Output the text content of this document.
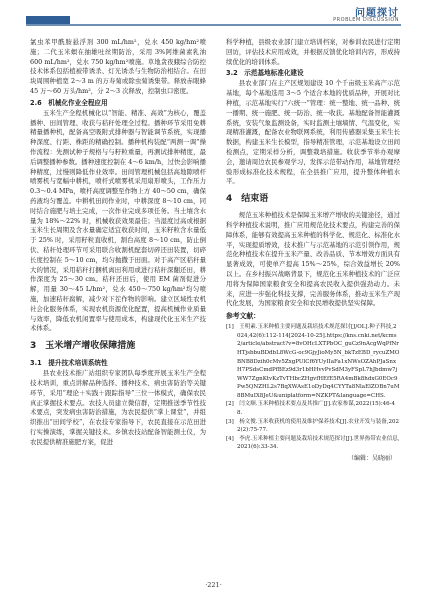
问题探讨
PROBLEM DISCUSSION

氯虫苯甲酰胺悬浮剂 300 mL/hm²，兑水 450 kg/hm²喷施；二代玉米螟在抽雄吐丝期防治，采用 3%阿维菌素乳油 600 mL/hm²，兑水 750 kg/hm²喷施。草地贪夜蛾综合防控技术体系包括植被带诱杀、灯光诱杀与生物防治相结合。在田块周围种植宽 2～3 m 的万寿菊或除虫菊诱集带。释放赤眼蜂 45 万～60 万头/hm²，分 2～3 次释放，控制虫口密度。

2.6　机械化作业全程应用

玉米生产全程机械化以“智能、精准、高效”为核心，覆盖播种、田间管理、收获与秸秆处理全过程。播种环节采用免耕精量播种机，配备高空吸附式排种器与智能调节系统，实现播种深度、行距、株距的精确控制。播种机构装配“两测一调”操作流程：先测试种子规格与与籽粒重量，再测试排种精度，最后调整播种参数。播种速度控制在 4～6 km/h，过快会影响播种精度，过慢则降低作业效率。田间管理机械包括高地隙喷杆喷雾机与宽幅中耕机，喷杆式喷雾机采用扇形喷头，工作压力 0.3～0.4 MPa，喷杆高度调整至作物上方 40～50 cm，确保药液均匀覆盖。中耕机田间作业时，中耕深度 8～10 cm，同时结合施肥与培土完成，一次作业完成多项任务。当土壤含水量为 18%～22% 时，机械收获效果最佳；当湿度过高或根据玉米生长周期及含水量确定适宜收获时间，玉米籽粒含水量低于 25% 时，采用籽粒直收机，割台高度 8～10 cm，防止倒伏、秸秆处理环节可采用联合收割机配套切碎还田装置，切碎长度控制在 5～10 cm，均匀抛撒于田面。对于高产区秸秆量大的情况，采用秸秆打捆机离田利用或进行秸秆深翻还田，耕作深度为 25～30 cm。秸秆还田后，使用 EM 菌剂促进分解，用量 30～45 L/hm²，兑水 450～750 kg/hm²均匀喷施，加速秸秆腐解，减少对下茬作物的影响。建立区域性农机社会化服务体系，实现农机资源优化配置，提高机械作业质量与效率，降低农机闲置率与使用成本，构建现代化玉米生产技术体系。

3　玉米增产增收保障措施
3.1　提升技术培训系统性

县农业技术推广站组织专家团队每季度开展玉米生产全程技术培训，重点讲解品种选择、播种技术、病虫害防治等关键环节，采用“理论＋实践＋跟踪指导”三位一体模式，确保农民真正掌握技术要点。农技人员建立微信群，定期推送季节性技术要点，突发病虫害防治措施，为农民提供“掌上课堂”，并组织推出“田间学校”，在农技专家指导下，农民直接在示范田进行实操演练，掌握关键技术。乡镇农技站配备智能测土仪，为农民提供精准施肥方案，促进

科学种植，县级农业部门建立培训档案，对参训农民进行定期回访，评估技术应用成效，并根据反馈优化培训内容，形成持续优化的培训体系。

3.2　示范基地标准化建设

县农业部门在主产区规划建设 10 个千亩级玉米高产示范基地，每个基地选用 3～5 个适合本地的优质品种，开展对比种植，示范基地实行“六统一”管理：统一整地、统一品种、统一播期、统一施肥、统一防治、统一收获。基地配备智能灌溉系统，安装气象监测设备，实时监测土壤墒情、气温变化，实现精准灌溉，配备农业物联网系统，利用传感器采集玉米生长数据，构建玉米生长模型，指导精准管理，示范基地设立田间检测点，定期采样分析，调整栽培措施。收获季节举办观摩会，邀请周边农民参观学习，发挥示范带动作用，基地管理经验形成标准化技术规程，在全县推广应用，提升整体种植水平。

4　结束语

规范玉米种植技术是保障玉米增产增收的关键途径，通过科学种植技术说明，推广应用规范化技术要点，构建完善的保障体系，能够有效提高玉米种植的科学化、规范化、标准化水平，实现提质增效，技术推广与示范基地的示范引领作用，规范化种植技术在提升玉米产量、改善品质、节本增效方面具有显著成效，可使单产提高 15%～25%，综合效益增长 20%以上。在乡村振兴战略背景下，规范化玉米种植技术的广泛应用将为保障国家粮食安全和提高农民收入提供强劲动力。未来，应进一步强化科技支撑，完善服务体系，推动玉米生产现代化发展，为国家粮食安全和农民增收提供坚实保障。

参考文献：
[1]　王明素.玉米种植主要问题及栽培技术规范探讨[J/OL].种子科技,2024,42(6):112-114[2024-10-25].https://kns.cnki.net/kcms2/article/abstract?v=8vOHcLXTPbOC_guCz9nAcgWqPfNrHTjsbbuBDdbL8WcG-oc9GjyJioMy5N_bkTzEBD_rycuZMOBNB8Dzih0cMv5ZxgPUlCf6YUyIIaFa1xNWsOZAhPJaSnxH7PSdsCmdPfBEz9d3r1bHHvvPvSdM3yFSpL7hJbdmw7jWW7ZgnKtvKzTvTHbcZHgvfHEfE5RA4mBk8hdxG0EOc9Pw5QNZHL2s7BqXWAsE1oDyDq4CYYTa8NlaElZOBn7uM8BMuIX8JeU&uniplatform=NZKPT&language=CHS.
[2]　闫文顺.玉米种植技术要点及其推广[J].农家参谋,2022(15):46-48.
[3]　杨文俊.玉米收获机的使用及维护保养技术[J].农业开发与装备,2022(2):75-77.
[4]　李虎.玉米种植主要问题及栽培技术规范探讨[J].世界热带农业信息,2021(6):33-34.
（编辑：吴晓丽）
·221·
